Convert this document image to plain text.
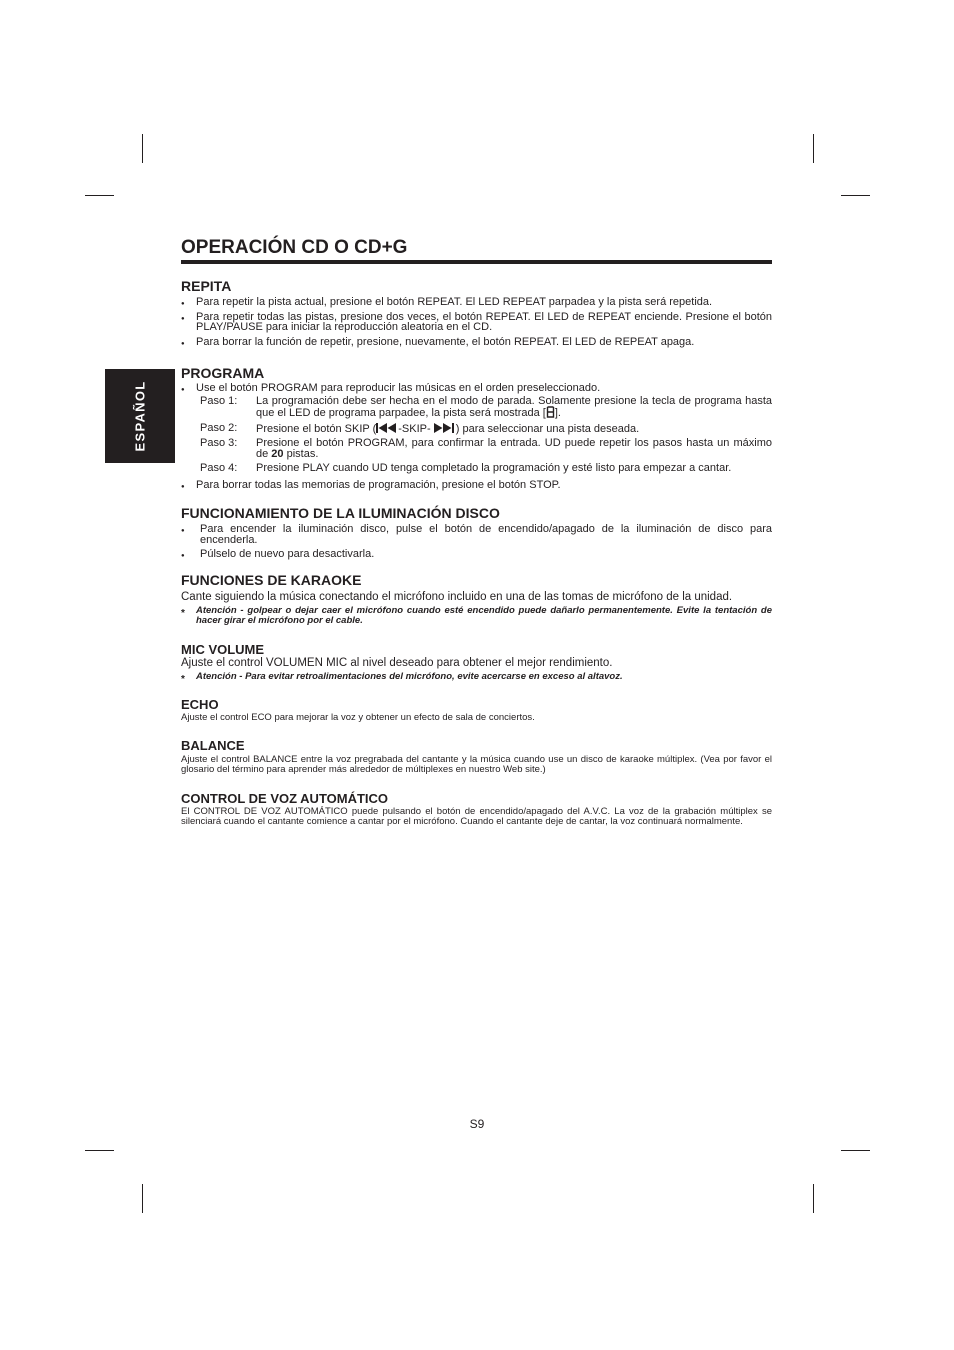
ESPAÑOL
OPERACIÓN CD O CD+G
REPITA
● Para repetir la pista actual, presione el botón REPEAT. El LED REPEAT parpadea y la pista será repetida.
● Para repetir todas las pistas, presione dos veces, el botón REPEAT. El LED de REPEAT enciende. Presione el botón PLAY/PAUSE para iniciar la reproducción aleatoria en el CD.
● Para borrar la función de repetir, presione, nuevamente, el botón REPEAT. El LED de REPEAT apaga.
PROGRAMA
● Use el botón PROGRAM para reproducir las músicas en el orden preseleccionado.
Paso 1:	La programación debe ser hecha en el modo de parada. Solamente presione la tecla de programa hasta que el LED de programa parpadee, la pista será mostrada [ ].
Paso 2:	Presione el botón SKIP ( -SKIP- ) para seleccionar una pista deseada.
Paso 3:	Presione el botón PROGRAM, para confirmar la entrada. UD puede repetir los pasos hasta un máximo de 20 pistas.
Paso 4:	Presione PLAY cuando UD tenga completado la programación y esté listo para empezar a cantar.
● Para borrar todas las memorias de programación, presione el botón STOP.
FUNCIONAMIENTO DE LA ILUMINACIÓN DISCO
● Para encender la iluminación disco, pulse el botón de encendido/apagado de la iluminación de disco para encenderla.
● Púlselo de nuevo para desactivarla.
FUNCIONES DE KARAOKE

Cante siguiendo la música conectando el micrófono incluido en una de las tomas de micrófono de la unidad.

* Atención - golpear o dejar caer el micrófono cuando esté encendido puede dañarlo permanentemente. Evite la tentación de hacer girar el micrófono por el cable.

MIC VOLUME

Ajuste el control VOLUMEN MIC al nivel deseado para obtener el mejor rendimiento.

* Atención - Para evitar retroalimentaciones del micrófono, evite acercarse en exceso al altavoz.

ECHO

Ajuste el control ECO para mejorar la voz y obtener un efecto de sala de conciertos.

BALANCE

Ajuste el control BALANCE entre la voz pregrabada del cantante y la música cuando use un disco de karaoke múltiplex. (Vea por favor el glosario del término para aprender más alrededor de múltiplexes en nuestro Web site.)

CONTROL DE VOZ AUTOMÁTICO

El CONTROL DE VOZ AUTOMÁTICO puede pulsando el botón de encendido/apagado del A.V.C. La voz de la grabación múltiplex se silenciará cuando el cantante comience a cantar por el micrófono. Cuando el cantante deje de cantar, la voz continuará normalmente.

S9
